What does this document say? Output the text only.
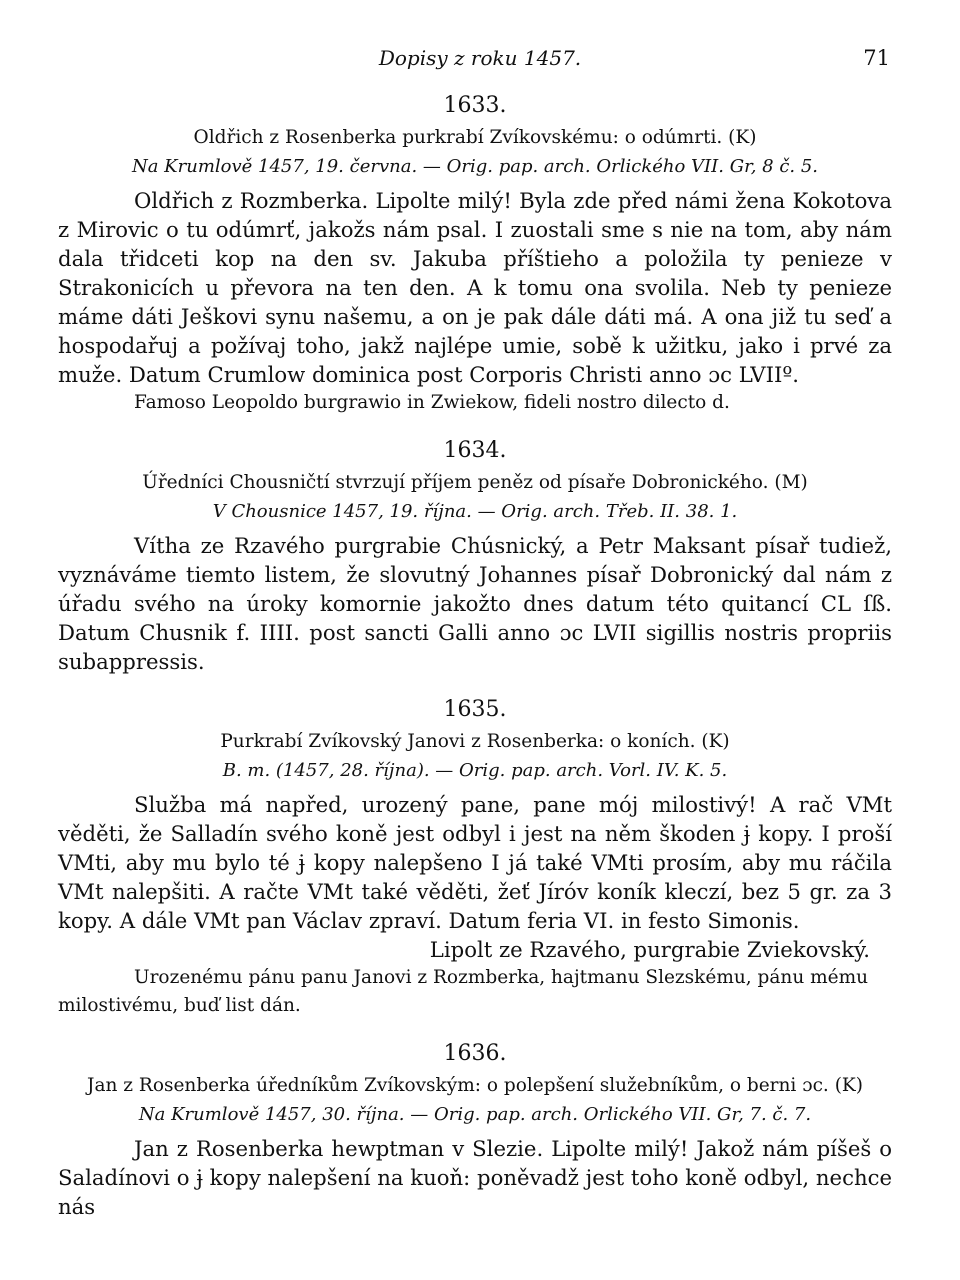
Dopisy z roku 1457.	71
1633.
Oldřich z Rosenberka purkrabí Zvíkovskému: o odúmrti. (K)
Na Krumlově 1457, 19. června. — Orig. pap. arch. Orlického VII. Gr, 8 č. 5.

Oldřich z Rozmberka. Lipolte milý! Byla zde před námi žena Kokotova z Mirovic o tu odúmrť, jakožs nám psal. I zuostali sme s nie na tom, aby nám dala třidceti kop na den sv. Jakuba příštieho a položila ty penieze v Strakonicích u převora na ten den. A k tomu ona svolila. Neb ty penieze máme dáti Ješkovi synu našemu, a on je pak dále dáti má. A ona již tu seď a hospodařuj a požívaj toho, jakž najlépe umie, sobě k užitku, jako i prvé za muže. Datum Crumlow dominica post Corporis Christi anno ɔc LVIIº.

Famoso Leopoldo burgrawio in Zwiekow, fideli nostro dilecto d.
1634.
Úředníci Chousničtí stvrzují příjem peněz od písaře Dobronického. (M)
V Chousnice 1457, 19. října. — Orig. arch. Třeb. II. 38. 1.

Vítha ze Rzavého purgrabie Chúsnický, a Petr Maksant písař tudiež, vyznáváme tiemto listem, že slovutný Johannes písař Dobronický dal nám z úřadu svého na úroky komornie jakožto dnes datum této quitancí CL ſß. Datum Chusnik f. IIII. post sancti Galli anno ɔc LVII sigillis nostris propriis subappressis.

1635.
Purkrabí Zvíkovský Janovi z Rosenberka: o koních. (K)
B. m. (1457, 28. října). — Orig. pap. arch. Vorl. IV. K. 5.

Služba má napřed, urozený pane, pane mój milostivý! A rač VMt věděti, že Salladín svého koně jest odbyl i jest na něm škoden ɉ kopy. I proší VMti, aby mu bylo té ɉ kopy nalepšeno I já také VMti prosím, aby mu ráčila VMt nalepšiti. A račte VMt také věděti, žeť Jíróv koník kleczí, bez 5 gr. za 3 kopy. A dále VMt pan Václav zpraví. Datum feria VI. in festo Simonis.

Lipolt ze Rzavého, purgrabie Zviekovský.
Urozenému pánu panu Janovi z Rozmberka, hajtmanu Slezskému, pánu mému milostivému, buď list dán.
1636.
Jan z Rosenberka úředníkům Zvíkovským: o polepšení služebníkům, o berni ɔc. (K)
Na Krumlově 1457, 30. října. — Orig. pap. arch. Orlického VII. Gr, 7. č. 7.

Jan z Rosenberka hewptman v Slezie. Lipolte milý! Jakož nám píšeš o Saladínovi o ɉ kopy nalepšení na kuoň: poněvadž jest toho koně odbyl, nechce nás
